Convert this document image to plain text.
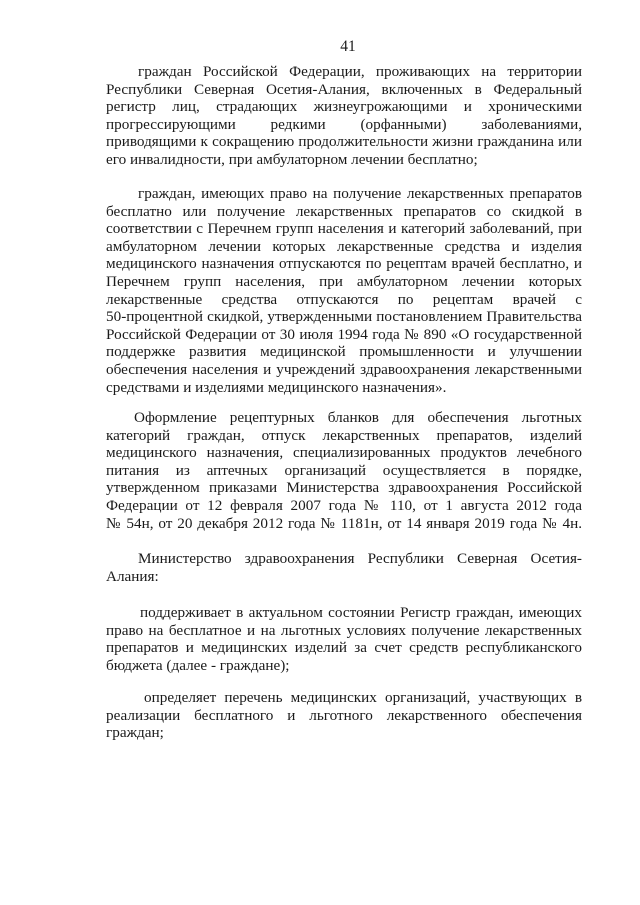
41
граждан Российской Федерации, проживающих на территории
Республики Северная Осетия-Алания, включенных в Федеральный
регистр лиц, страдающих жизнеугрожающими и хроническими
прогрессирующими редкими (орфанными) заболеваниями,
приводящими к сокращению продолжительности жизни гражданина или
его инвалидности, при амбулаторном лечении бесплатно;
граждан, имеющих право на получение лекарственных препаратов
бесплатно или получение лекарственных препаратов со скидкой в
соответствии с Перечнем групп населения и категорий заболеваний, при
амбулаторном лечении которых лекарственные средства и изделия
медицинского назначения отпускаются по рецептам врачей бесплатно, и
Перечнем групп населения, при амбулаторном лечении которых
лекарственные средства отпускаются по рецептам врачей с
50-процентной скидкой, утвержденными постановлением Правительства
Российской Федерации от 30 июля 1994 года № 890 «О государственной
поддержке развития медицинской промышленности и улучшении
обеспечения населения и учреждений здравоохранения лекарственными
средствами и изделиями медицинского назначения».
Оформление рецептурных бланков для обеспечения льготных
категорий граждан, отпуск лекарственных препаратов, изделий
медицинского назначения, специализированных продуктов лечебного
питания из аптечных организаций осуществляется в порядке,
утвержденном приказами Министерства здравоохранения Российской
Федерации от 12 февраля 2007 года № 110, от 1 августа 2012 года
№ 54н, от 20 декабря 2012 года № 1181н, от 14 января 2019 года № 4н.
Министерство здравоохранения Республики Северная Осетия-
Алания:
поддерживает в актуальном состоянии Регистр граждан, имеющих
право на бесплатное и на льготных условиях получение лекарственных
препаратов и медицинских изделий за счет средств республиканского
бюджета (далее - граждане);
определяет перечень медицинских организаций, участвующих в
реализации бесплатного и льготного лекарственного обеспечения
граждан;
